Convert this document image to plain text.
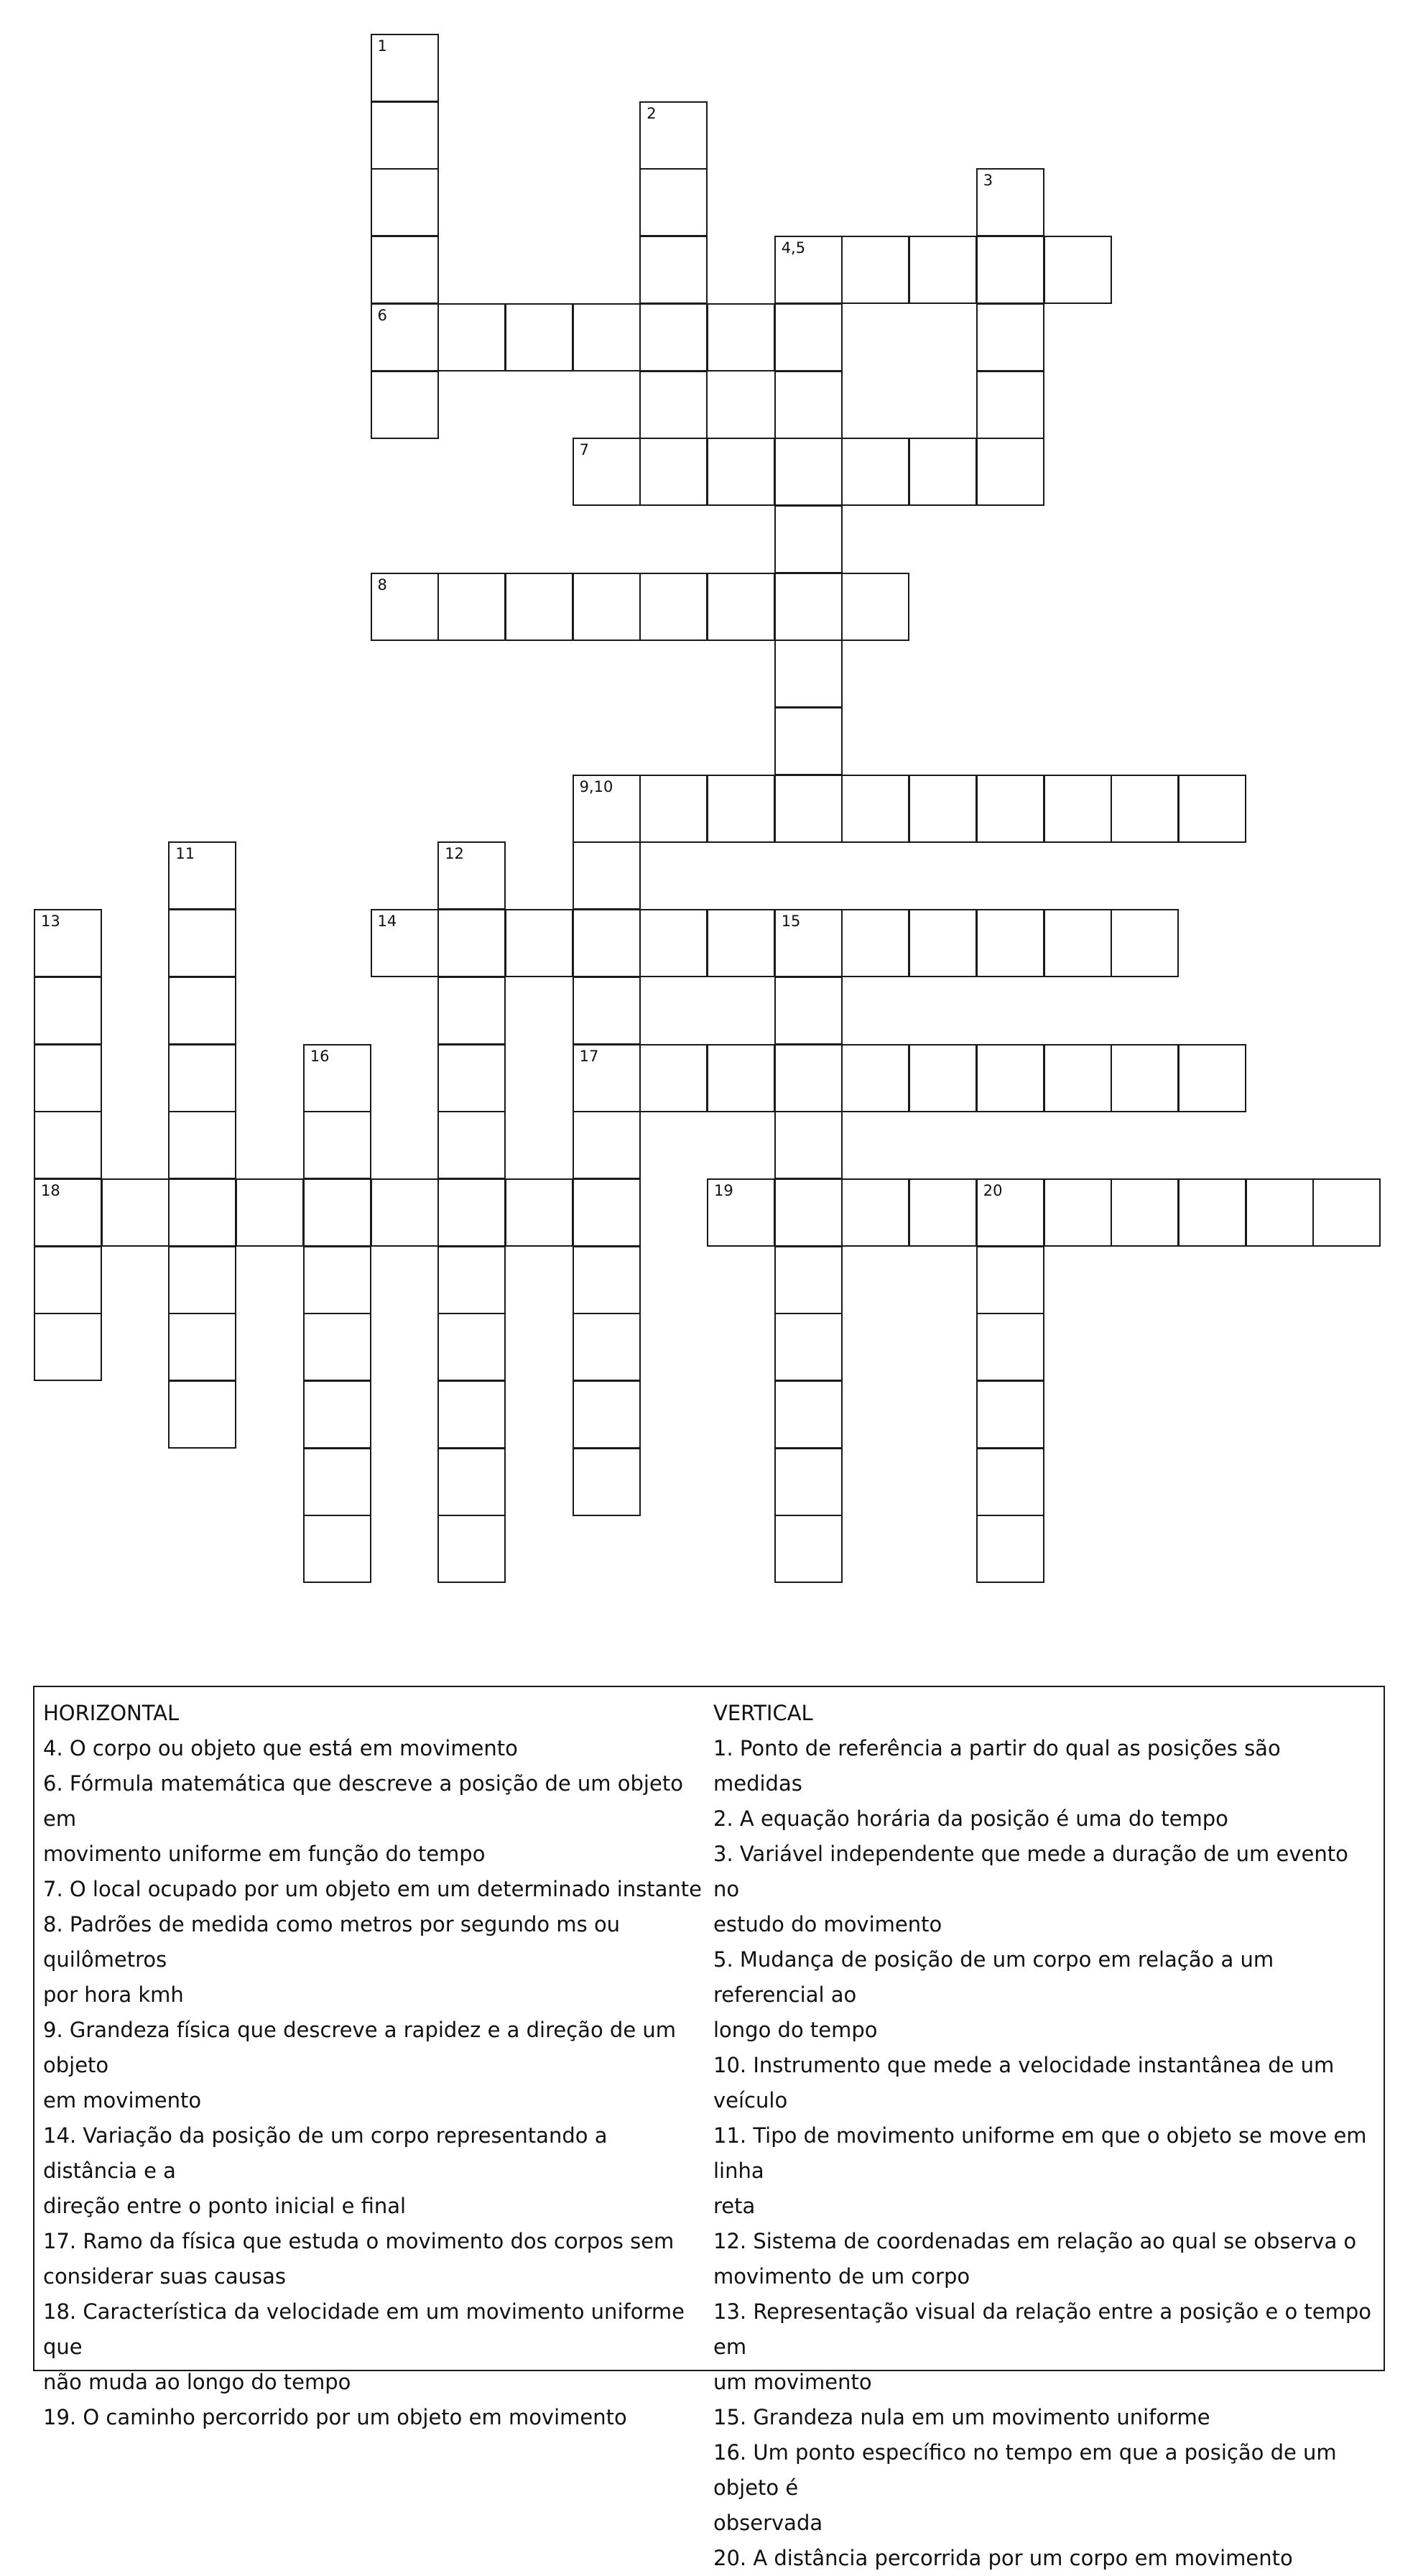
1
6
2
3
4,5
7
8
9,10
17
11	12
13
18
14	15
16
19	20
HORIZONTAL
4. O corpo ou objeto que está em movimento
6. Fórmula matemática que descreve a posição de um objeto em
movimento uniforme em função do tempo
7. O local ocupado por um objeto em um determinado instante
8. Padrões de medida como metros por segundo ms ou quilômetros
por hora kmh
9. Grandeza física que descreve a rapidez e a direção de um objeto
em movimento
14. Variação da posição de um corpo representando a distância e a
direção entre o ponto inicial e final
17. Ramo da física que estuda o movimento dos corpos sem
considerar suas causas
18. Característica da velocidade em um movimento uniforme que
não muda ao longo do tempo
19. O caminho percorrido por um objeto em movimento
VERTICAL
1. Ponto de referência a partir do qual as posições são medidas
2. A equação horária da posição é uma do tempo
3. Variável independente que mede a duração de um evento no
estudo do movimento
5. Mudança de posição de um corpo em relação a um referencial ao
longo do tempo
10. Instrumento que mede a velocidade instantânea de um veículo
11. Tipo de movimento uniforme em que o objeto se move em linha
reta
12. Sistema de coordenadas em relação ao qual se observa o
movimento de um corpo
13. Representação visual da relação entre a posição e o tempo em
um movimento
15. Grandeza nula em um movimento uniforme
16. Um ponto específico no tempo em que a posição de um objeto é
observada
20. A distância percorrida por um corpo em movimento
